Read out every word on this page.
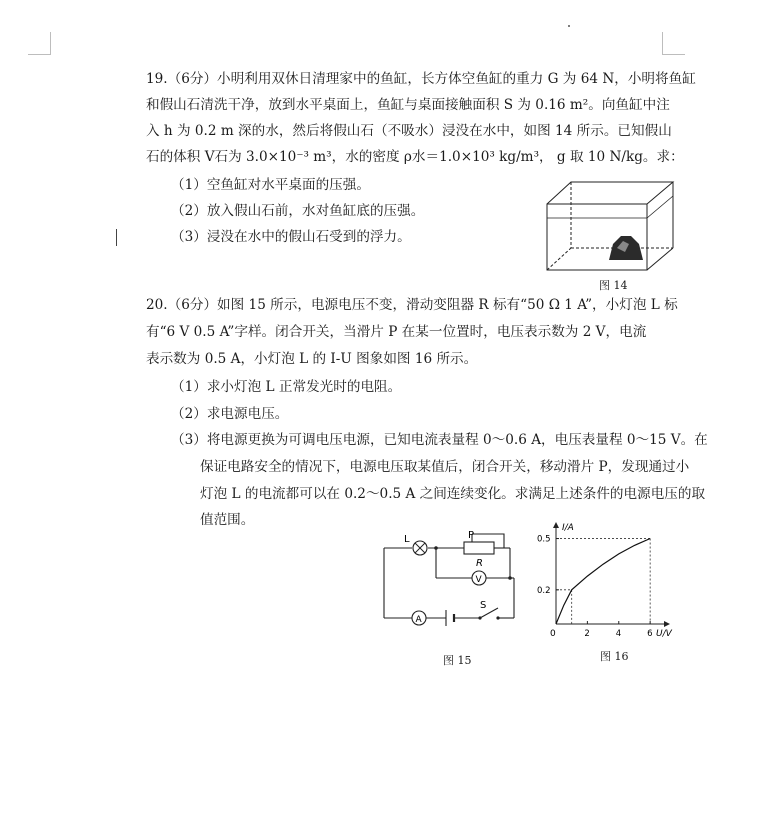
19.（6分）小明利用双休日清理家中的鱼缸，长方体空鱼缸的重力 G 为 64 N，小明将鱼缸
和假山石清洗干净，放到水平桌面上，鱼缸与桌面接触面积 S 为 0.16 m²。向鱼缸中注
入 h 为 0.2 m 深的水，然后将假山石（不吸水）浸没在水中，如图 14 所示。已知假山
石的体积 V石为 3.0×10⁻³ m³，水的密度 ρ水＝1.0×10³ kg/m³， g 取 10 N/kg。求：
（1）空鱼缸对水平桌面的压强。
（2）放入假山石前，水对鱼缸底的压强。
（3）浸没在水中的假山石受到的浮力。
图 14
20.（6分）如图 15 所示，电源电压不变，滑动变阻器 R 标有“50 Ω 1 A”，小灯泡 L 标
有“6 V 0.5 A”字样。闭合开关，当滑片 P 在某一位置时，电压表示数为 2 V，电流
表示数为 0.5 A，小灯泡 L 的 I-U 图象如图 16 所示。
（1）求小灯泡 L 正常发光时的电阻。
（2）求电源电压。
（3）将电源更换为可调电压电源，已知电流表量程 0～0.6 A，电压表量程 0～15 V。在
保证电路安全的情况下，电源电压取某值后，闭合开关，移动滑片 P，发现通过小
灯泡 L 的电流都可以在 0.2～0.5 A 之间连续变化。求满足上述条件的电源电压的取
值范围。
V
A
L	P
R
S
图 15
I/A
U/V
0
0.2
0.5
2	4	6
图 16
